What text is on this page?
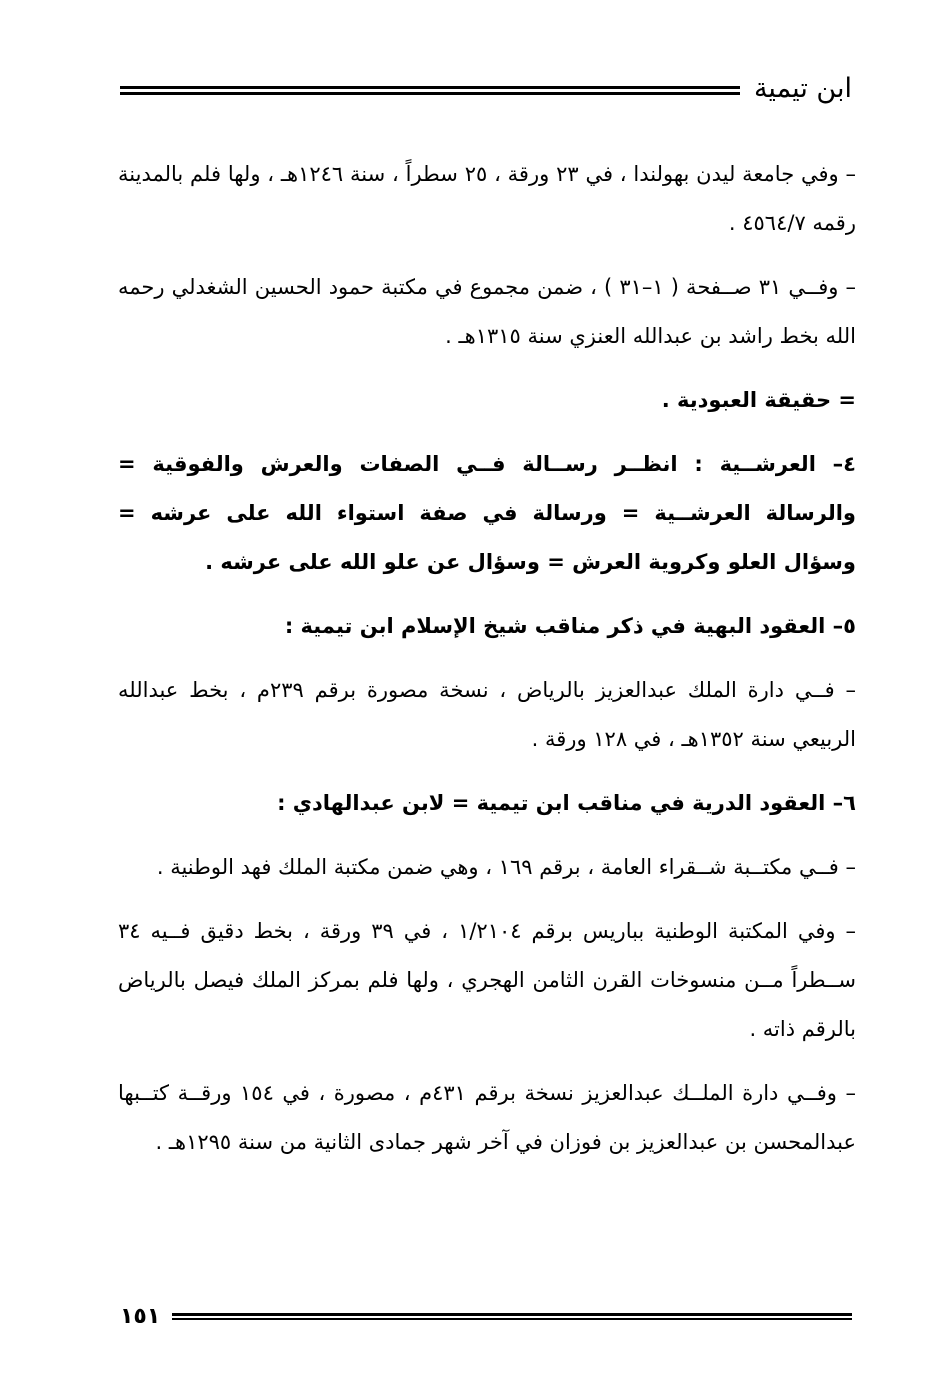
ابن تيمية

– وفي جامعة ليدن بهولندا ، في ٢٣ ورقة ، ٢٥ سطراً ، سنة ١٢٤٦هـ ، ولها فلم بالمدينة رقمه ٤٥٦٤/٧ .

– وفــي ٣١ صــفحة ( ١–٣١ ) ، ضمن مجموع في مكتبة حمود الحسين الشغدلي رحمه الله بخط راشد بن عبدالله العنزي سنة ١٣١٥هـ .

= حقيقة العبودية .

٤– العرشــية : انظــر رســالة فــي الصفات والعرش والفوقية = والرسالة العرشــية = ورسالة في صفة استواء الله على عرشه = وسؤال العلو وكروية العرش = وسؤال عن علو الله على عرشه .

٥– العقود البهية في ذكر مناقب شيخ الإسلام ابن تيمية :

– فــي دارة الملك عبدالعزيز بالرياض ، نسخة مصورة برقم ٢٣٩م ، بخط عبدالله الربيعي سنة ١٣٥٢هـ ، في ١٢٨ ورقة .

٦– العقود الدرية في مناقب ابن تيمية = لابن عبدالهادي :

– فــي مكتــبة شــقراء العامة ، برقم ١٦٩ ، وهي ضمن مكتبة الملك فهد الوطنية .

– وفي المكتبة الوطنية بباريس برقم ١/٢١٠٤ ، في ٣٩ ورقة ، بخط دقيق فــيه ٣٤ ســطراً مــن منسوخات القرن الثامن الهجري ، ولها فلم بمركز الملك فيصل بالرياض بالرقم ذاته .

– وفــي دارة الملــك عبدالعزيز نسخة برقم ٤٣١م ، مصورة ، في ١٥٤ ورقــة كتــبها عبدالمحسن بن عبدالعزيز بن فوزان في آخر شهر جمادى الثانية من سنة ١٢٩٥هـ .

١٥١
